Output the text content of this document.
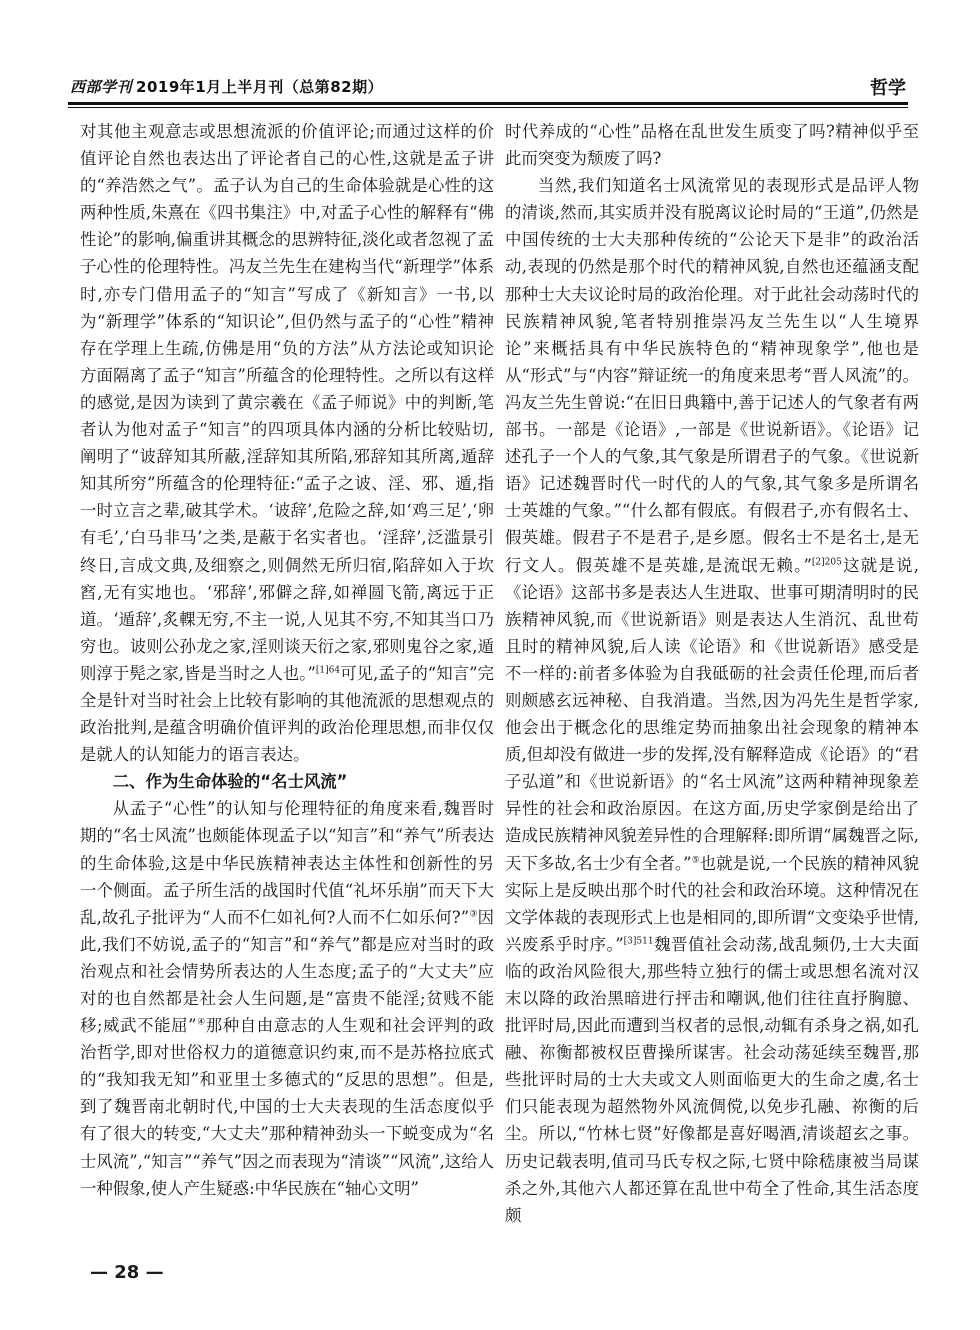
西部学刊 2019年1月上半月刊（总第82期）	哲学

对其他主观意志或思想流派的价值评论;而通过这样的价值评论自然也表达出了评论者自己的心性,这就是孟子讲的“养浩然之气”。孟子认为自己的生命体验就是心性的这两种性质,朱熹在《四书集注》中,对孟子心性的解释有“佛性论”的影响,偏重讲其概念的思辨特征,淡化或者忽视了孟子心性的伦理特性。冯友兰先生在建构当代“新理学”体系时,亦专门借用孟子的“知言”写成了《新知言》一书,以为“新理学”体系的“知识论”,但仍然与孟子的“心性”精神存在学理上生疏,仿佛是用“负的方法”从方法论或知识论方面隔离了孟子“知言”所蕴含的伦理特性。之所以有这样的感觉,是因为读到了黄宗羲在《孟子师说》中的判断,笔者认为他对孟子“知言”的四项具体内涵的分析比较贴切,阐明了“诐辞知其所蔽,淫辞知其所陷,邪辞知其所离,遁辞知其所穷”所蕴含的伦理特征:“孟子之诐、淫、邪、遁,指一时立言之辈,破其学术。‘诐辞’,危险之辞,如‘鸡三足’,‘卵有毛’,‘白马非马’之类,是蔽于名实者也。‘淫辞’,泛滥景引终日,言成文典,及细察之,则倜然无所归宿,陷辞如入于坎窞,无有实地也。‘邪辞’,邪僻之辞,如禅圆飞箭,离远于正道。‘遁辞’,炙輠无穷,不主一说,人见其不穷,不知其当口乃穷也。诐则公孙龙之家,淫则谈天衍之家,邪则鬼谷之家,遁则淳于髡之家,皆是当时之人也。”$^{[1]64}$可见,孟子的“知言”完全是针对当时社会上比较有影响的其他流派的思想观点的政治批判,是蕴含明确价值评判的政治伦理思想,而非仅仅是就人的认知能力的语言表达。

二、作为生命体验的“名士风流”

从孟子“心性”的认知与伦理特征的角度来看,魏晋时期的“名士风流”也颇能体现孟子以“知言”和“养气”所表达的生命体验,这是中华民族精神表达主体性和创新性的另一个侧面。孟子所生活的战国时代值“礼坏乐崩”而天下大乱,故孔子批评为“人而不仁如礼何?人而不仁如乐何?”③因此,我们不妨说,孟子的“知言”和“养气”都是应对当时的政治观点和社会情势所表达的人生态度;孟子的“大丈夫”应对的也自然都是社会人生问题,是“富贵不能淫;贫贱不能移;威武不能屈”④那种自由意志的人生观和社会评判的政治哲学,即对世俗权力的道德意识约束,而不是苏格拉底式的“我知我无知”和亚里士多德式的“反思的思想”。但是,到了魏晋南北朝时代,中国的士大夫表现的生活态度似乎有了很大的转变,“大丈夫”那种精神劲头一下蜕变成为“名士风流”,“知言”“养气”因之而表现为“清谈”“风流”,这给人一种假象,使人产生疑惑:中华民族在“轴心文明”

时代养成的“心性”品格在乱世发生质变了吗?精神似乎至此而突变为颓废了吗?

当然,我们知道名士风流常见的表现形式是品评人物的清谈,然而,其实质并没有脱离议论时局的“王道”,仍然是中国传统的士大夫那种传统的“公论天下是非”的政治活动,表现的仍然是那个时代的精神风貌,自然也还蕴涵支配那种士大夫议论时局的政治伦理。对于此社会动荡时代的民族精神风貌,笔者特别推崇冯友兰先生以“人生境界论”来概括具有中华民族特色的“精神现象学”,他也是从“形式”与“内容”辩证统一的角度来思考“晋人风流”的。冯友兰先生曾说:“在旧日典籍中,善于记述人的气象者有两部书。一部是《论语》,一部是《世说新语》。《论语》记述孔子一个人的气象,其气象是所谓君子的气象。《世说新语》记述魏晋时代一时代的人的气象,其气象多是所谓名士英雄的气象。”“什么都有假底。有假君子,亦有假名士、假英雄。假君子不是君子,是乡愿。假名士不是名士,是无行文人。假英雄不是英雄,是流氓无赖。”$^{[2]205}$这就是说,《论语》这部书多是表达人生进取、世事可期清明时的民族精神风貌,而《世说新语》则是表达人生消沉、乱世苟且时的精神风貌,后人读《论语》和《世说新语》感受是不一样的:前者多体验为自我砥砺的社会责任伦理,而后者则颇感玄远神秘、自我消遣。当然,因为冯先生是哲学家,他会出于概念化的思维定势而抽象出社会现象的精神本质,但却没有做进一步的发挥,没有解释造成《论语》的“君子弘道”和《世说新语》的“名士风流”这两种精神现象差异性的社会和政治原因。在这方面,历史学家倒是给出了造成民族精神风貌差异性的合理解释:即所谓“属魏晋之际,天下多故,名士少有全者。”⑤也就是说,一个民族的精神风貌实际上是反映出那个时代的社会和政治环境。这种情况在文学体裁的表现形式上也是相同的,即所谓“文变染乎世情,兴废系乎时序。”$^{[3]511}$魏晋值社会动荡,战乱频仍,士大夫面临的政治风险很大,那些特立独行的儒士或思想名流对汉末以降的政治黑暗进行抨击和嘲讽,他们往往直抒胸臆、批评时局,因此而遭到当权者的忌恨,动辄有杀身之祸,如孔融、祢衡都被权臣曹操所谋害。社会动荡延续至魏晋,那些批评时局的士大夫或文人则面临更大的生命之虞,名士们只能表现为超然物外风流倜傥,以免步孔融、祢衡的后尘。所以,“竹林七贤”好像都是喜好喝酒,清谈超玄之事。历史记载表明,值司马氏专权之际,七贤中除嵇康被当局谋杀之外,其他六人都还算在乱世中苟全了性命,其生活态度颇

— 28 —
